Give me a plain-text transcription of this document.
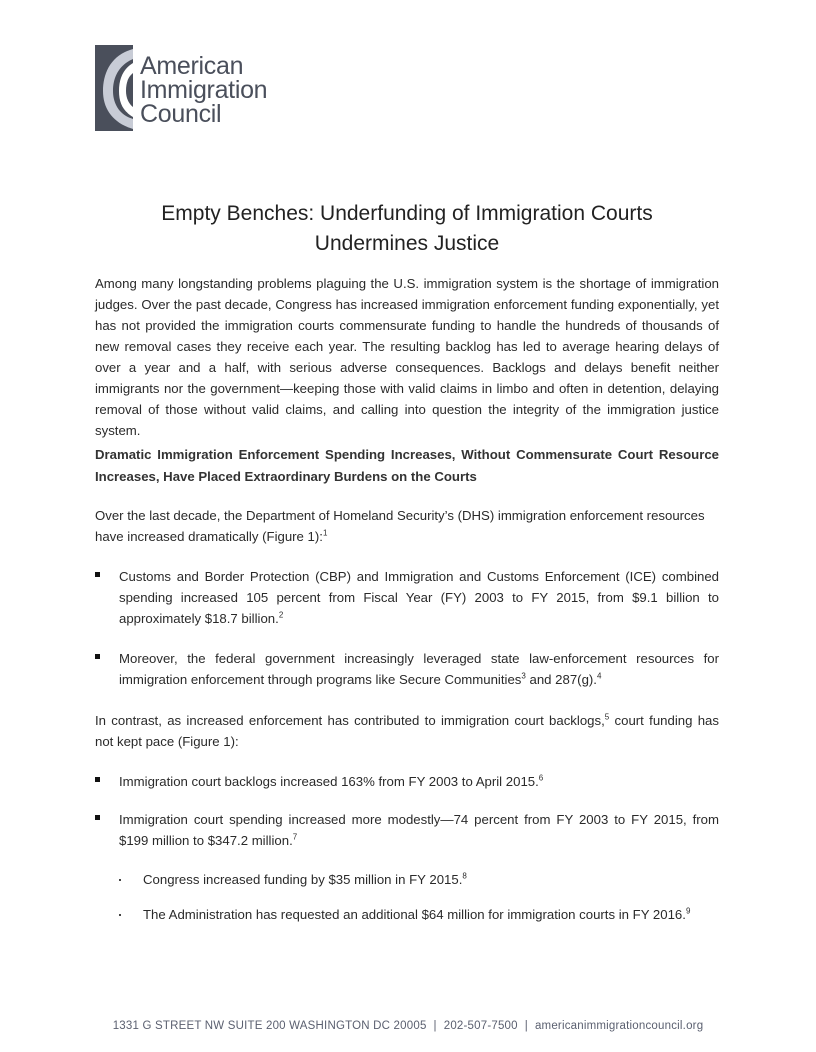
American
Immigration
Council
Empty Benches: Underfunding of Immigration Courts
Undermines Justice
Among many longstanding problems plaguing the U.S. immigration system is the shortage of immigration judges. Over the past decade, Congress has increased immigration enforcement funding exponentially, yet has not provided the immigration courts commensurate funding to handle the hundreds of thousands of new removal cases they receive each year. The resulting backlog has led to average hearing delays of over a year and a half, with serious adverse consequences. Backlogs and delays benefit neither immigrants nor the government—keeping those with valid claims in limbo and often in detention, delaying removal of those without valid claims, and calling into question the integrity of the immigration justice system.
Dramatic Immigration Enforcement Spending Increases, Without Commensurate Court Resource Increases, Have Placed Extraordinary Burdens on the Courts
Over the last decade, the Department of Homeland Security’s (DHS) immigration enforcement resources have increased dramatically (Figure 1):$^1$
Customs and Border Protection (CBP) and Immigration and Customs Enforcement (ICE) combined spending increased 105 percent from Fiscal Year (FY) 2003 to FY 2015, from $9.1 billion to approximately $18.7 billion.$^2$
Moreover, the federal government increasingly leveraged state law-enforcement resources for immigration enforcement through programs like Secure Communities$^3$ and 287(g).$^4$
In contrast, as increased enforcement has contributed to immigration court backlogs,$^5$ court funding has not kept pace (Figure 1):
Immigration court backlogs increased 163% from FY 2003 to April 2015.$^6$
Immigration court spending increased more modestly—74 percent from FY 2003 to FY 2015, from $199 million to $347.2 million.$^7$
Congress increased funding by $35 million in FY 2015.$^8$
The Administration has requested an additional $64 million for immigration courts in FY 2016.$^9$
1331 G STREET NW SUITE 200 WASHINGTON DC 20005 | 202-507-7500 | americanimmigrationcouncil.org
